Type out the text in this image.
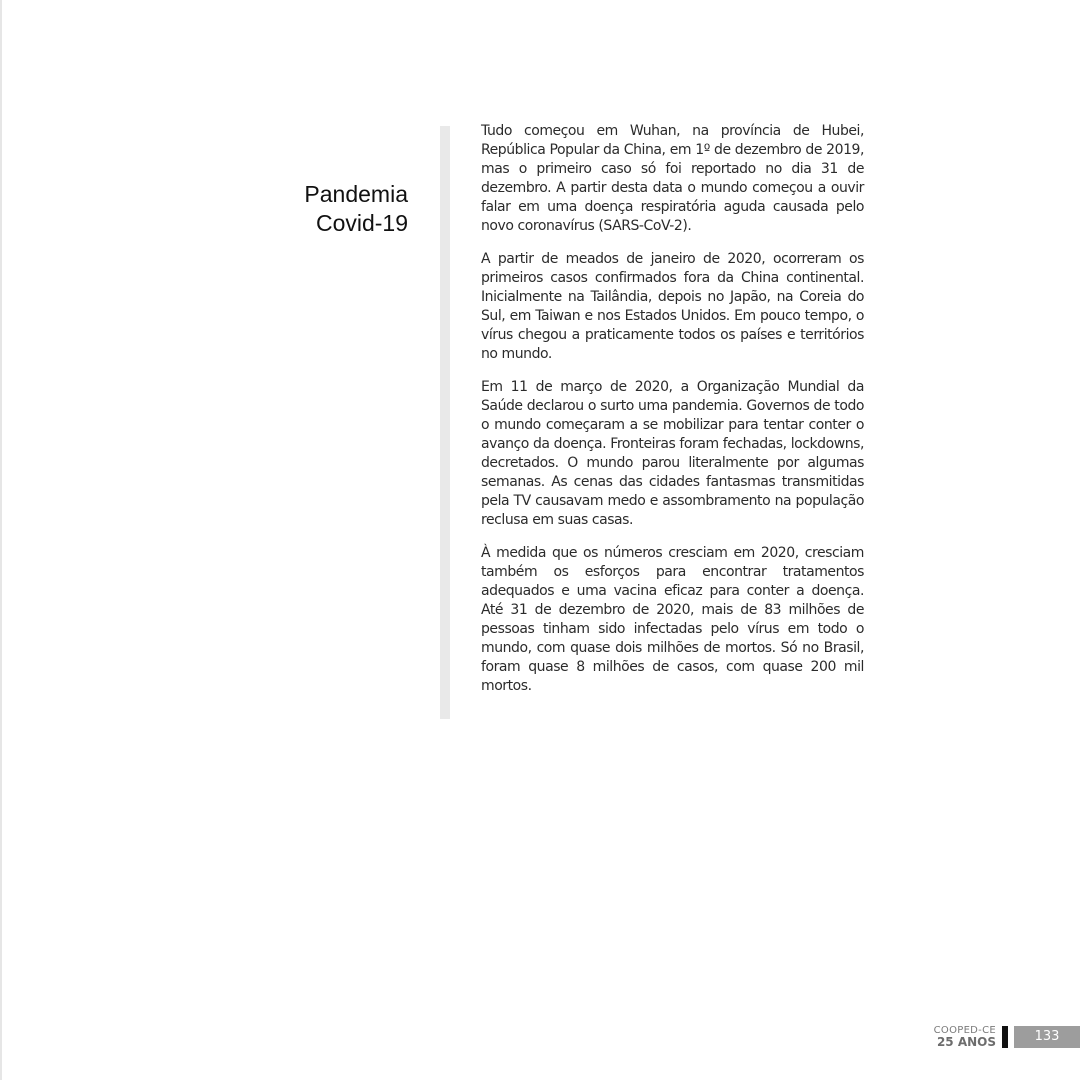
Pandemia
Covid-19

Tudo começou em Wuhan, na província de Hubei, República Popular da China, em 1º de dezembro de 2019, mas o primeiro caso só foi reportado no dia 31 de dezembro. A partir desta data o mundo começou a ouvir falar em uma doença respiratória aguda causada pelo novo coronavírus (SARS-CoV-2).

A partir de meados de janeiro de 2020, ocorreram os primeiros casos confirmados fora da China continental. Inicialmente na Tailândia, depois no Japão, na Coreia do Sul, em Taiwan e nos Estados Unidos. Em pouco tempo, o vírus chegou a praticamente todos os países e territórios no mundo.

Em 11 de março de 2020, a Organização Mundial da Saúde declarou o surto uma pandemia. Governos de todo o mundo começaram a se mobilizar para tentar conter o avanço da doença. Fronteiras foram fechadas, lockdowns, decretados. O mundo parou literalmente por algumas semanas. As cenas das cidades fantasmas transmitidas pela TV causavam medo e assombramento na população reclusa em suas casas.

À medida que os números cresciam em 2020, cresciam também os esforços para encontrar tratamentos adequados e uma vacina eficaz para conter a doença. Até 31 de dezembro de 2020, mais de 83 milhões de pessoas tinham sido infectadas pelo vírus em todo o mundo, com quase dois milhões de mortos. Só no Brasil, foram quase 8 milhões de casos, com quase 200 mil mortos.

COOPED-CE
25 ANOS	133
